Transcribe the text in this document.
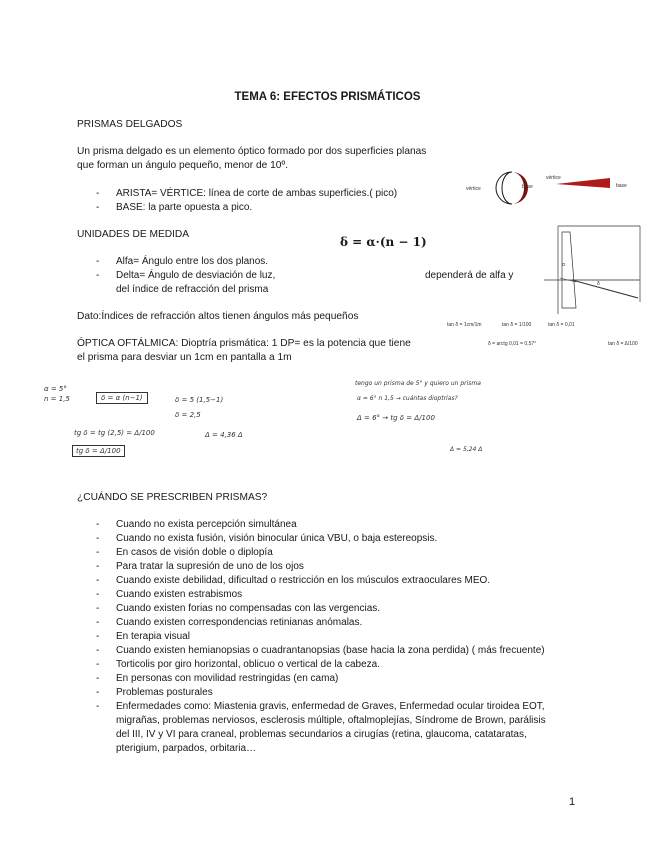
TEMA 6: EFECTOS PRISMÁTICOS
PRISMAS DELGADOS
Un prisma delgado es un elemento óptico formado por dos superficies planas
que forman un ángulo pequeño, menor de 10º.
- ARISTA= VÉRTICE: línea de corte de ambas superficies.( pico)
- BASE: la parte opuesta a pico.
vértice	base
vértice
base
UNIDADES DE MEDIDA
δ = α·(n − 1)
- Alfa= Ángulo entre los dos planos.
- Delta= Ángulo de desviación de luz,	dependerá de alfa y
del índice de refracción del prisma
α
δ
tan δ = 1cm/1m	tan δ = 1/100	tan δ = 0,01
δ = arctg 0,01 = 0,57°	tan δ = Δ/100
Dato:Índices de refracción altos tienen ángulos más pequeños
ÓPTICA OFTÁLMICA: Dioptría prismática: 1 DP= es la potencia que tiene
el prisma para desviar un 1cm en pantalla a 1m
α = 5°
n = 1,5	δ = α (n−1)	δ = 5 (1,5−1)
δ = 2,5
tg δ = tg (2,5) = Δ/100	Δ = 4,36 Δ
tg δ = Δ/100
tengo un prisma de 5° y quiero un prisma
α = 6° n 1,5 → cuántas dioptrías?
Δ = 6° → tg δ = Δ/100
Δ = 5,24 Δ
¿CUÁNDO SE PRESCRIBEN PRISMAS?
- Cuando no exista percepción simultánea
- Cuando no exista fusión, visión binocular única VBU, o baja estereopsis.
- En casos de visión doble o diplopía
- Para tratar la supresión de uno de los ojos
- Cuando existe debilidad, dificultad o restricción en los músculos extraoculares MEO.
- Cuando existen estrabismos
- Cuando existen forias no compensadas con las vergencias.
- Cuando existen correspondencias retinianas anómalas.
- En terapia visual
- Cuando existen hemianopsias o cuadrantanopsias (base hacia la zona perdida) ( más frecuente)
- Torticolis por giro horizontal, oblicuo o vertical de la cabeza.
- En personas con movilidad restringidas (en cama)
- Problemas posturales
- Enfermedades como: Miastenia gravis, enfermedad de Graves, Enfermedad ocular tiroidea EOT,
migrañas, problemas nerviosos, esclerosis múltiple, oftalmoplejías, Síndrome de Brown, parálisis
del III, IV y VI para craneal, problemas secundarios a cirugías (retina, glaucoma, catataratas,
pterigium, parpados, orbitaria…
1
